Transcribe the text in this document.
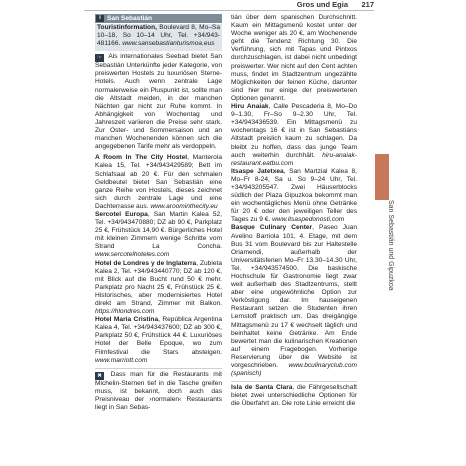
Gros und Egia 217
San Sebastián und Gipuzkoa
i San Sebastián

Touristinformation, Boulevard 8, Mo–Sa 10–18, So 10–14 Uhr, Tel. +34/943-481166. www.sansebastianturismoa.eus

☞ Als internationales Seebad bietet San Sebastián Unterkünfte jeder Kategorie, von preiswerten Hostels zu luxuriösen Sterne-Hotels. Auch wenn zentrale Lage normalerweise ein Pluspunkt ist, sollte man die Altstadt meiden, in der manchen Nächten gar nicht zur Ruhe kommt. In Abhängigkeit von Wochentag und Jahreszeit variieren die Preise sehr stark. Zur Oster- und Sommersaison und an manchen Wochenenden können sich die angegebenen Tarife mehr als verdoppeln.

A Room In The City Hostel, Manterola Kalea 15, Tel. +34/943429589; Bett im Schlafsaal ab 20 €. Für den schmalen Geldbeutel bietet San Sebastián eine ganze Reihe von Hostels, dieses zeichnet sich durch zentrale Lage und eine Dachterrasse aus. www.aroominthecity.eu

Sercotel Europa, San Martin Kalea 52, Tel. +34/943470880; DZ ab 90 €, Parkplatz 25 €, Frühstück 14,90 €. Bürgerliches Hotel mit kleinen Zimmern wenige Schritte vom Strand La Concha. www.sercotelhoteles.com

Hotel de Londres y de Inglaterra, Zubieta Kalea 2, Tel. +34/943440770; DZ ab 120 €, mit Blick auf die Bucht rund 50 € mehr. Parkplatz pro Nacht 25 €, Frühstück 25 €. Historisches, aber modernisiertes Hotel direkt am Strand, Zimmer mit Balkon. https://hlondres.com

Hotel Maria Cristina, República Argentina Kalea 4, Tel. +34/943437600; DZ ab 300 €, Parkplatz 50 €, Frühstück 44 €. Luxuriöses Hotel der Belle Epoque, wo zum Filmfestival die Stars absteigen. www.marriott.com

✖ Dass man für die Restaurants mit Michelin-Sternen tief in die Tasche greifen muss, ist bekannt, doch auch das Preisniveau der ›normalen‹ Restaurants liegt in San Sebas-

tián über dem spanischen Durchschnitt. Kaum ein Mittagsmenü kostet unter der Woche weniger als 20 €, am Wochenende geht die Tendenz Richtung 30. Die Verführung, sich mit Tapas und Pintxos durchzuschlagen, ist dabei nicht unbedingt preiswerter. Wer nicht auf den Cent achten muss, findet im Stadtzentrum ungezählte Möglichkeiten der feinen Küche, darunter sind hier nur einige der preiswerteren Optionen genannt.

Hiru Anaiak, Calle Pescaderia 8, Mo–Do 9–1.30, Fr–So 9–2.30 Uhr, Tel. +34/943436539. Ein Mittagsmenü zu wochentags 16 € ist in San Sebastiáns Altstadt preislich kaum zu schlagen. Da bleibt zu hoffen, dass das junge Team auch weiterhin durchhält. hiru-anaiak-restaurant.eatbu.com

Itsaspe Jatetxea, San Martzial Kalea 8, Mo–Fr 8-24, Sa u. So 9–24 Uhr, Tel. +34/943205547. Zwei Häuserblocks südlich der Plaza Gipuzkoa bekommt man ein wochentägliches Menü ohne Getränke für 20 € oder den jeweiligen Teller des Tages zu 9 €. www.itsaspedonosti.com

Basque Culinary Center, Paseo Juan Avelino Barriola 101, 4. Etage, mit dem Bus 31 vom Boulevard bis zur Haltestelle Oriamendi, außerhalb der Universitätsferien Mo–Fr 13.30–14.30 Uhr, Tel. +34/943574500. Die baskische Hochschule für Gastronomie liegt zwar weit außerhalb des Stadtzentrums, stellt aber eine ungewöhnliche Option zur Verköstigung dar. Im hauseigenen Restaurant setzen die Studenten ihren Lernstoff praktisch um. Das dreigängige Mittagsmenü zu 17 € wechselt täglich und beinhaltet keine Getränke. Am Ende bewertet man die kulinarischen Kreationen auf einem Fragebogen. Vorherige Reservierung über die Website ist vorgeschrieben. www.bculinaryclub.com (spanisch)

Isla de Santa Clara, die Fährgesellschaft bietet zwei unterschiedliche Optionen für die Überfahrt an. Die rote Linie erreicht die
